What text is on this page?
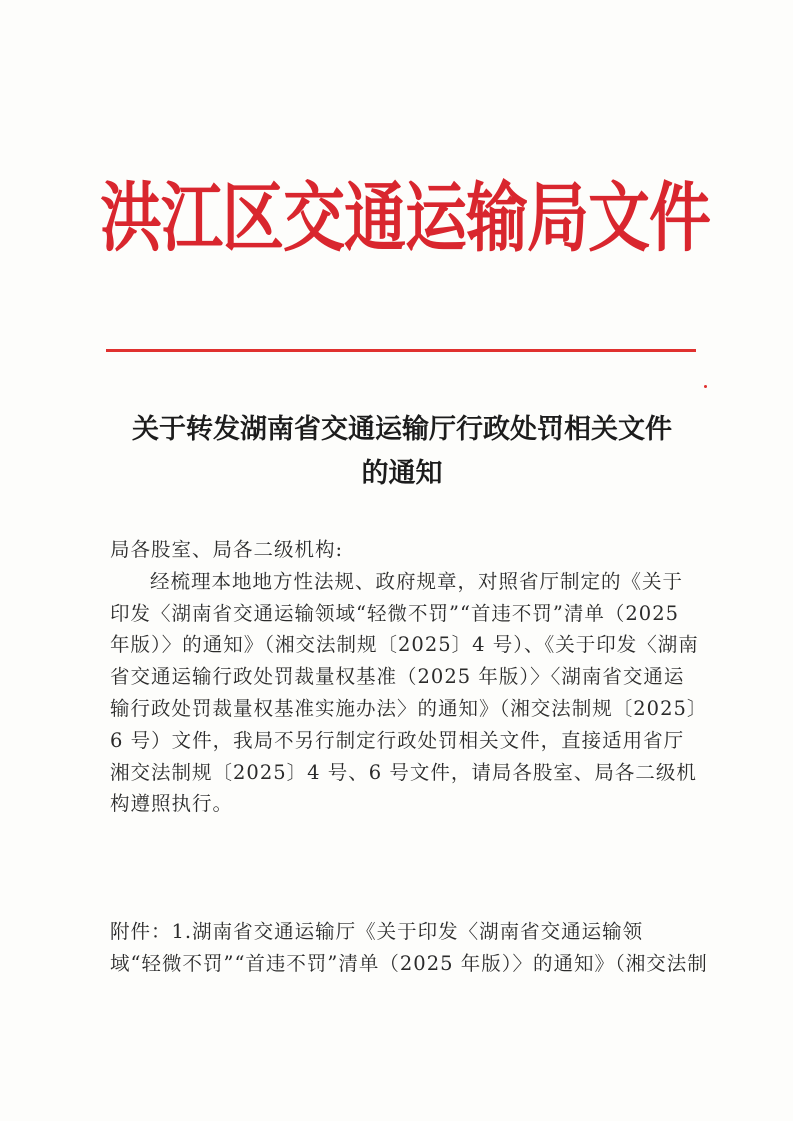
洪江区交通运输局文件
关于转发湖南省交通运输厅行政处罚相关文件
的通知
局各股室、局各二级机构:
经梳理本地地方性法规、政府规章，对照省厅制定的《关于
印发〈湖南省交通运输领域“轻微不罚”“首违不罚”清单（2025
年版）〉的通知》（湘交法制规〔2025〕4 号）、《关于印发〈湖南
省交通运输行政处罚裁量权基准（2025 年版）〉〈湖南省交通运
输行政处罚裁量权基准实施办法〉的通知》（湘交法制规〔2025〕
6 号）文件，我局不另行制定行政处罚相关文件，直接适用省厅
湘交法制规〔2025〕4 号、6 号文件，请局各股室、局各二级机
构遵照执行。
附件：1.湖南省交通运输厅《关于印发〈湖南省交通运输领
域“轻微不罚”“首违不罚”清单（2025 年版）〉的通知》（湘交法制
